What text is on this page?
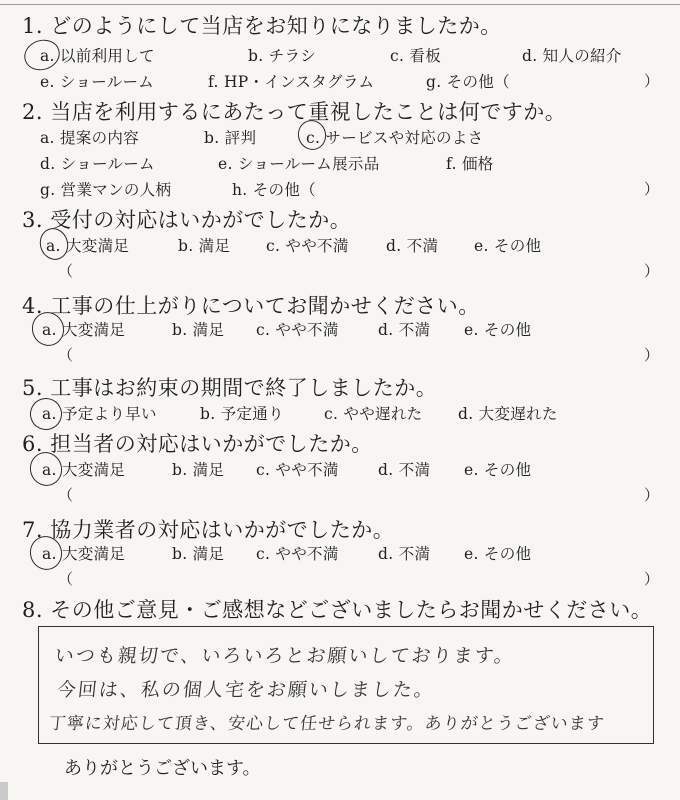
1. どのようにして当店をお知りになりましたか。
a. 以前利用して	b. チラシ	c. 看板	d. 知人の紹介
e. ショールーム	f. HP・インスタグラム	g. その他（	）
2. 当店を利用するにあたって重視したことは何ですか。
a. 提案の内容	b. 評判	c. サービスや対応のよさ
d. ショールーム	e. ショールーム展示品	f. 価格
g. 営業マンの人柄	h. その他（	）
3. 受付の対応はいかがでしたか。
a. 大変満足	b. 満足 c. やや不満 d. 不満 e. その他
（	）
4. 工事の仕上がりについてお聞かせください。
a. 大変満足	b. 満足 c. やや不満	d. 不満 e. その他
（	）
5. 工事はお約束の期間で終了しましたか。
a. 予定より早い	b. 予定通り	c. やや遅れた d. 大変遅れた
6. 担当者の対応はいかがでしたか。
a. 大変満足	b. 満足 c. やや不満	d. 不満 e. その他
（	）
7. 協力業者の対応はいかがでしたか。
a. 大変満足	b. 満足 c. やや不満	d. 不満 e. その他
（	）
8. その他ご意見・ご感想などございましたらお聞かせください。
いつも親切で、いろいろとお願いしております。
今回は、私の個人宅をお願いしました。
丁寧に対応して頂き、安心して任せられます。ありがとうございます
ありがとうございます。
